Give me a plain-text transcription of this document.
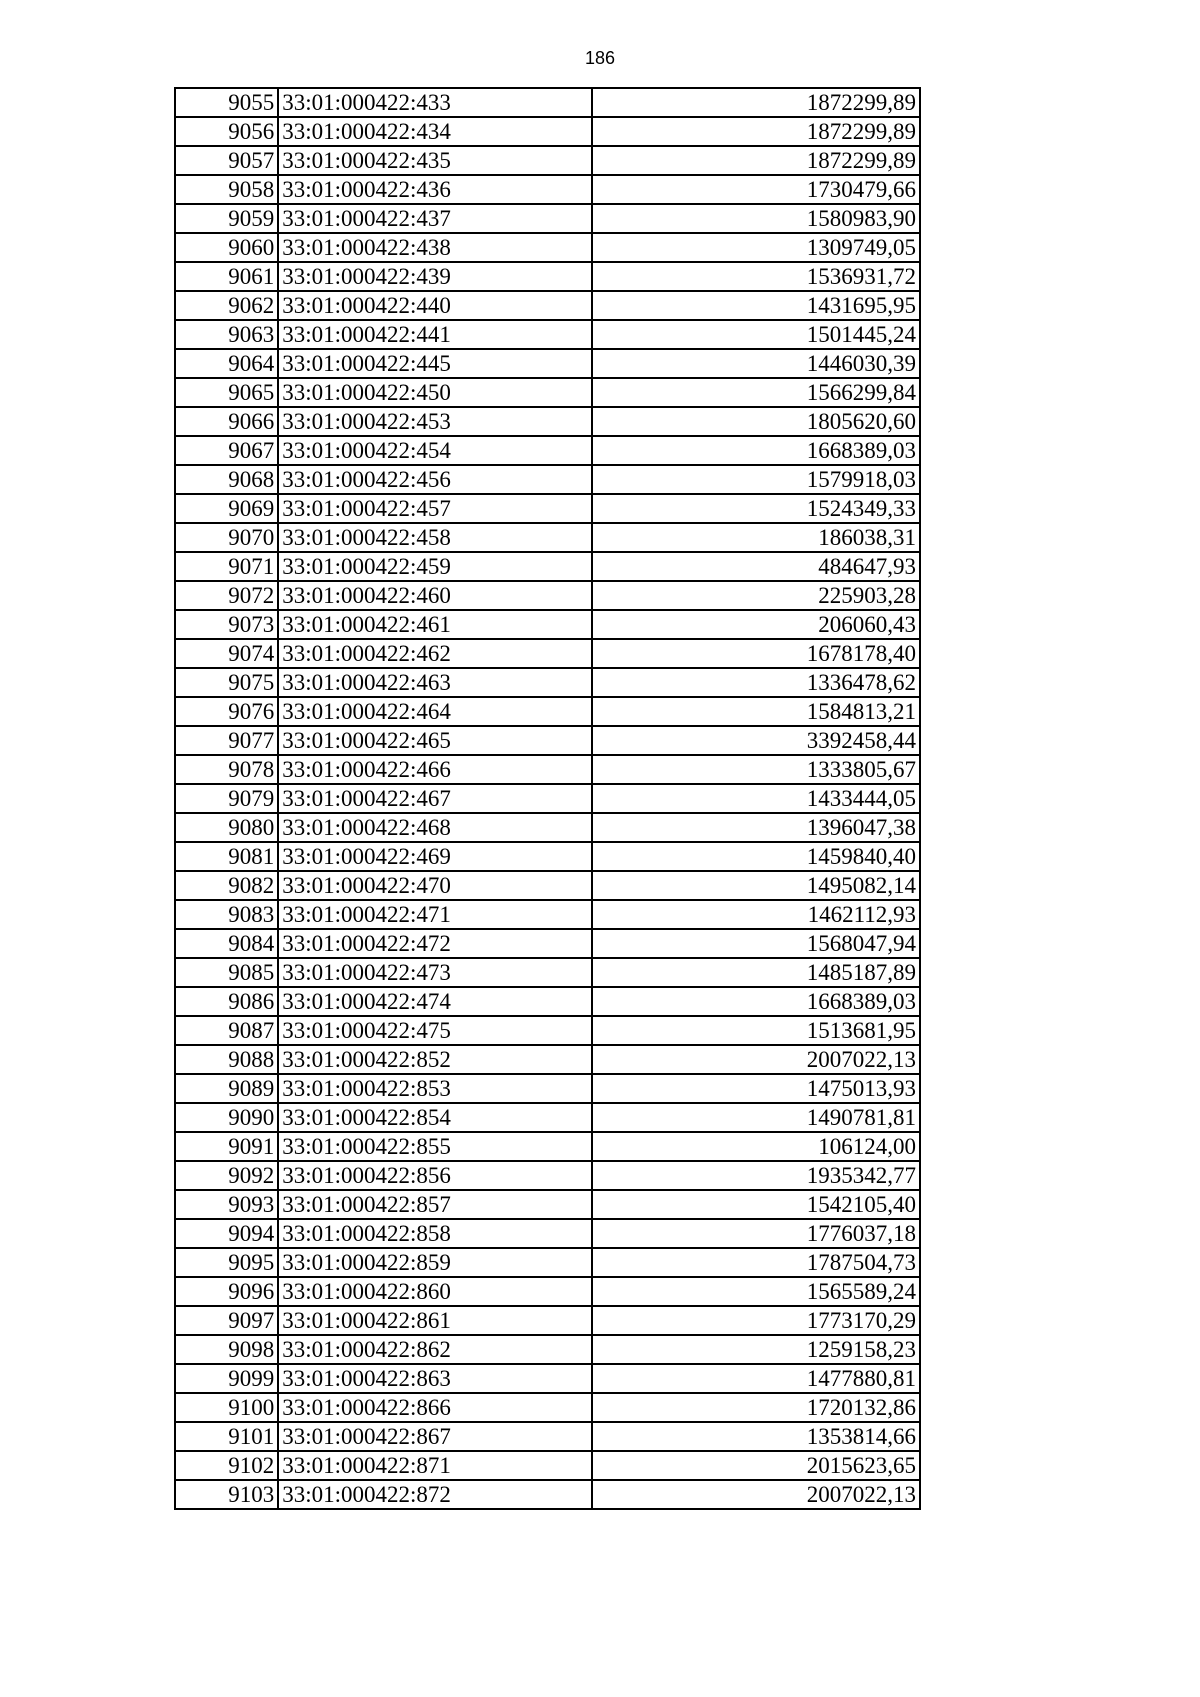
186
9055	33:01:000422:433	1872299,89
9056	33:01:000422:434	1872299,89
9057	33:01:000422:435	1872299,89
9058	33:01:000422:436	1730479,66
9059	33:01:000422:437	1580983,90
9060	33:01:000422:438	1309749,05
9061	33:01:000422:439	1536931,72
9062	33:01:000422:440	1431695,95
9063	33:01:000422:441	1501445,24
9064	33:01:000422:445	1446030,39
9065	33:01:000422:450	1566299,84
9066	33:01:000422:453	1805620,60
9067	33:01:000422:454	1668389,03
9068	33:01:000422:456	1579918,03
9069	33:01:000422:457	1524349,33
9070	33:01:000422:458	186038,31
9071	33:01:000422:459	484647,93
9072	33:01:000422:460	225903,28
9073	33:01:000422:461	206060,43
9074	33:01:000422:462	1678178,40
9075	33:01:000422:463	1336478,62
9076	33:01:000422:464	1584813,21
9077	33:01:000422:465	3392458,44
9078	33:01:000422:466	1333805,67
9079	33:01:000422:467	1433444,05
9080	33:01:000422:468	1396047,38
9081	33:01:000422:469	1459840,40
9082	33:01:000422:470	1495082,14
9083	33:01:000422:471	1462112,93
9084	33:01:000422:472	1568047,94
9085	33:01:000422:473	1485187,89
9086	33:01:000422:474	1668389,03
9087	33:01:000422:475	1513681,95
9088	33:01:000422:852	2007022,13
9089	33:01:000422:853	1475013,93
9090	33:01:000422:854	1490781,81
9091	33:01:000422:855	106124,00
9092	33:01:000422:856	1935342,77
9093	33:01:000422:857	1542105,40
9094	33:01:000422:858	1776037,18
9095	33:01:000422:859	1787504,73
9096	33:01:000422:860	1565589,24
9097	33:01:000422:861	1773170,29
9098	33:01:000422:862	1259158,23
9099	33:01:000422:863	1477880,81
9100	33:01:000422:866	1720132,86
9101	33:01:000422:867	1353814,66
9102	33:01:000422:871	2015623,65
9103	33:01:000422:872	2007022,13
